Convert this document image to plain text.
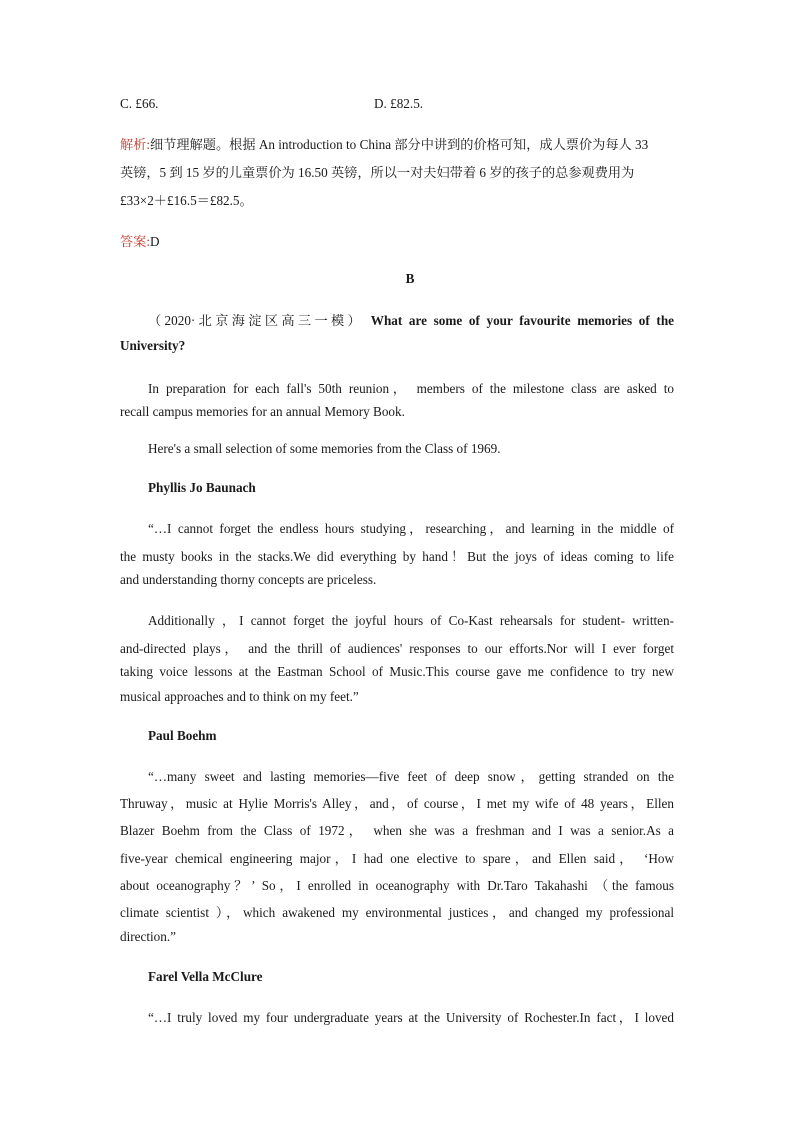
C. £66.	D. £82.5.
解析:细节理解题。根据 An introduction to China 部分中讲到的价格可知，成人票价为每人 33
英镑，5 到 15 岁的儿童票价为 16.50 英镑，所以一对夫妇带着 6 岁的孩子的总参观费用为
£33×2＋£16.5＝£82.5。
答案:D
B
（2020·北京海淀区高三一模） What are some of your favourite memories of the
University?
In preparation for each fall's 50th reunion， members of the milestone class are asked to
recall campus memories for an annual Memory Book.
Here's a small selection of some memories from the Class of 1969.
Phyllis Jo Baunach
“…I cannot forget the endless hours studying，researching，and learning in the middle of
the musty books in the stacks.We did everything by hand！But the joys of ideas coming to life
and understanding thorny concepts are priceless.
Additionally ，I cannot forget the joyful hours of Co-Kast rehearsals for student- written-
and-directed plays， and the thrill of audiences' responses to our efforts.Nor will I ever forget
taking voice lessons at the Eastman School of Music.This course gave me confidence to try new
musical approaches and to think on my feet.”
Paul Boehm
“…many sweet and lasting memories—five feet of deep snow，getting stranded on the
Thruway，music at Hylie Morris's Alley，and，of course，I met my wife of 48 years，Ellen
Blazer Boehm from the Class of 1972， when she was a freshman and I was a senior.As a
five-year chemical engineering major，I had one elective to spare，and Ellen said， ‘How
about oceanography？’ So，I enrolled in oceanography with Dr.Taro Takahashi （the famous
climate scientist ），which awakened my environmental justices，and changed my professional
direction.”
Farel Vella McClure
“…I truly loved my four undergraduate years at the University of Rochester.In fact，I loved
